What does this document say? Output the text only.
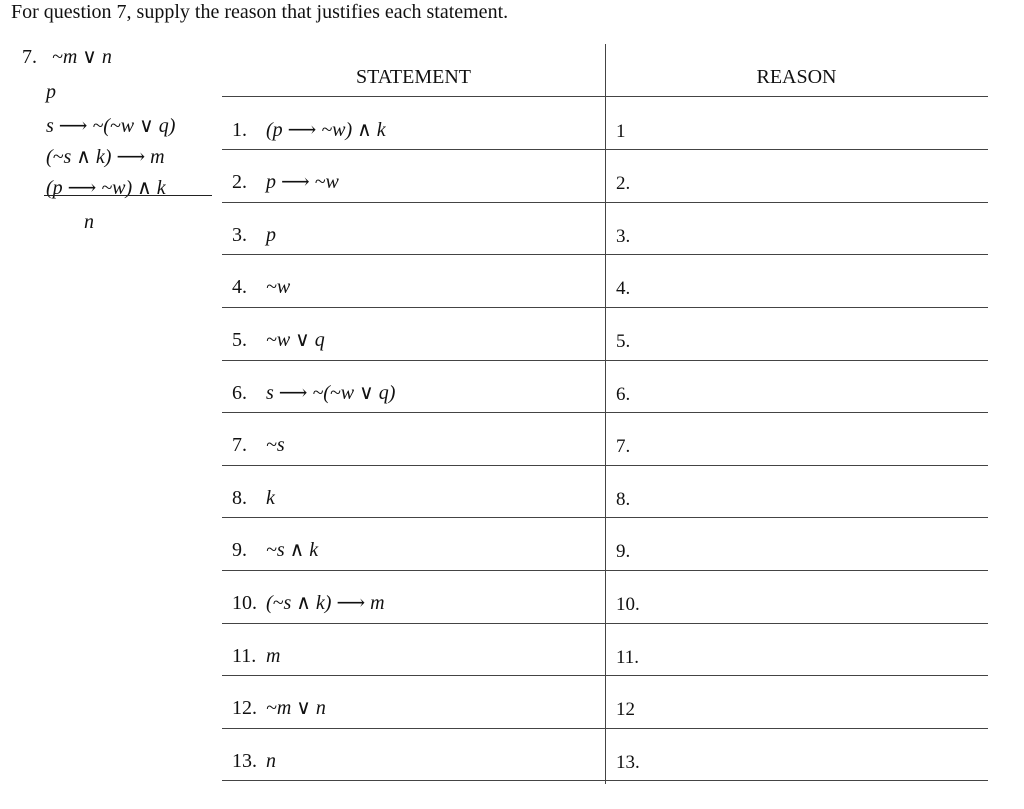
For question 7, supply the reason that justifies each statement.
7. ~m ∨ n
p
s ⟶ ~(~w ∨ q)
(~s ∧ k) ⟶ m
(p ⟶ ~w) ∧ k
n
STATEMENT	REASON
1. (p ⟶ ~w) ∧ k	1
2. p ⟶ ~w	2.
3. p	3.
4. ~w	4.
5. ~w ∨ q	5.
6. s ⟶ ~(~w ∨ q)	6.
7. ~s	7.
8. k	8.
9. ~s ∧ k	9.
10. (~s ∧ k) ⟶ m	10.
11. m	11.
12. ~m ∨ n	12
13. n	13.
